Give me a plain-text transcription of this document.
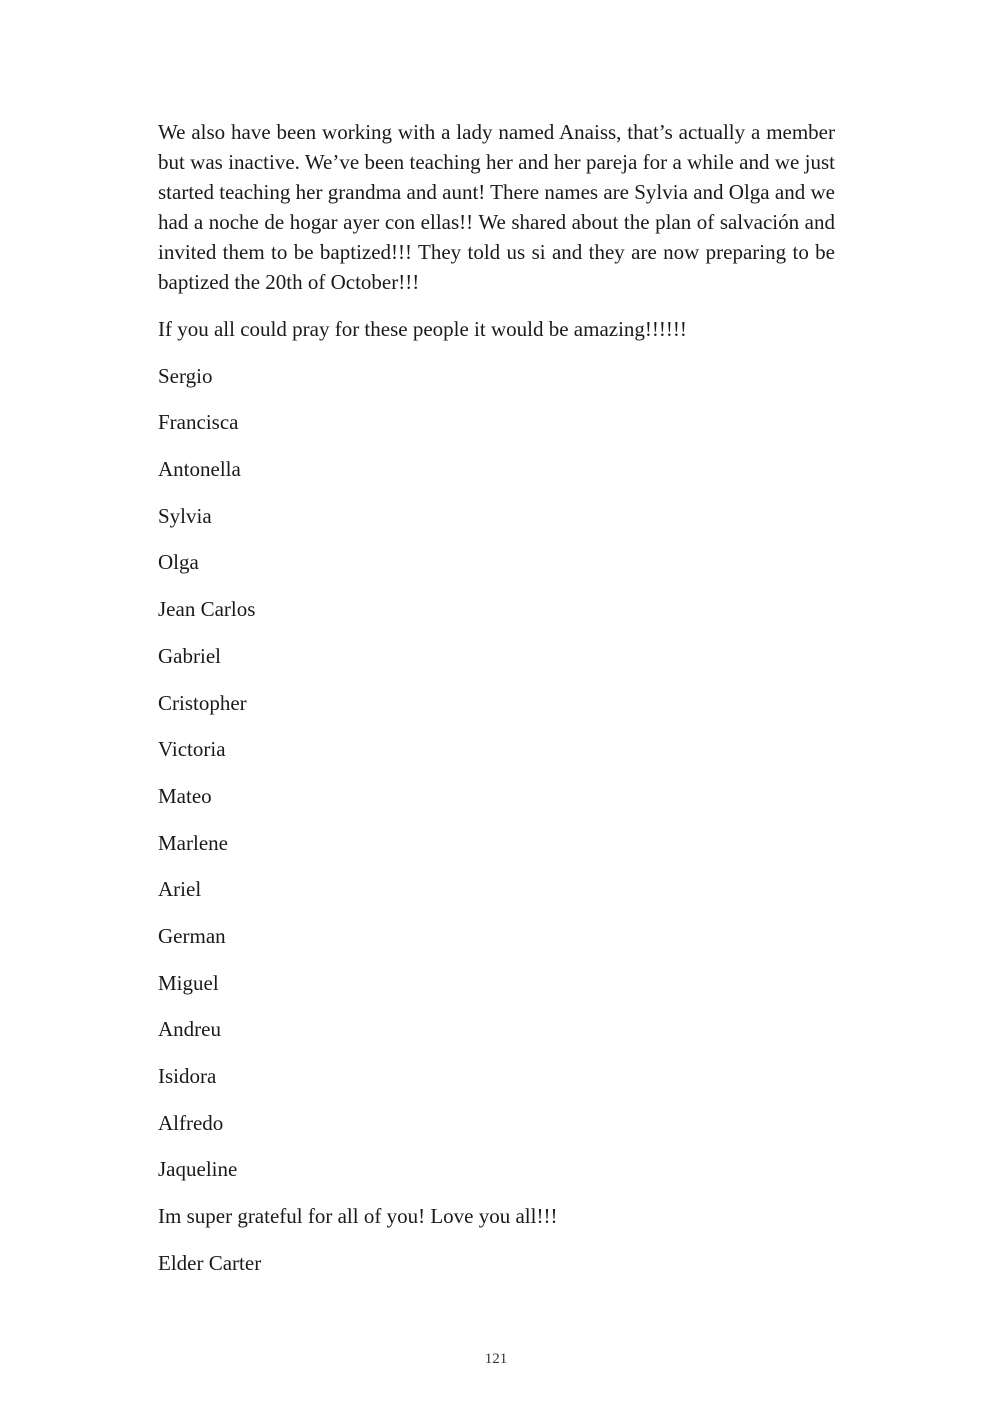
We also have been working with a lady named Anaiss, that’s actually a member but was inactive. We’ve been teaching her and her pareja for a while and we just started teaching her grandma and aunt! There names are Sylvia and Olga and we had a noche de hogar ayer con ellas!! We shared about the plan of salvación and invited them to be baptized!!! They told us si and they are now preparing to be baptized the 20th of October!!!

If you all could pray for these people it would be amazing!!!!!!

Sergio

Francisca

Antonella

Sylvia

Olga

Jean Carlos

Gabriel

Cristopher

Victoria

Mateo

Marlene

Ariel

German

Miguel

Andreu

Isidora

Alfredo

Jaqueline

Im super grateful for all of you! Love you all!!!

Elder Carter

121
